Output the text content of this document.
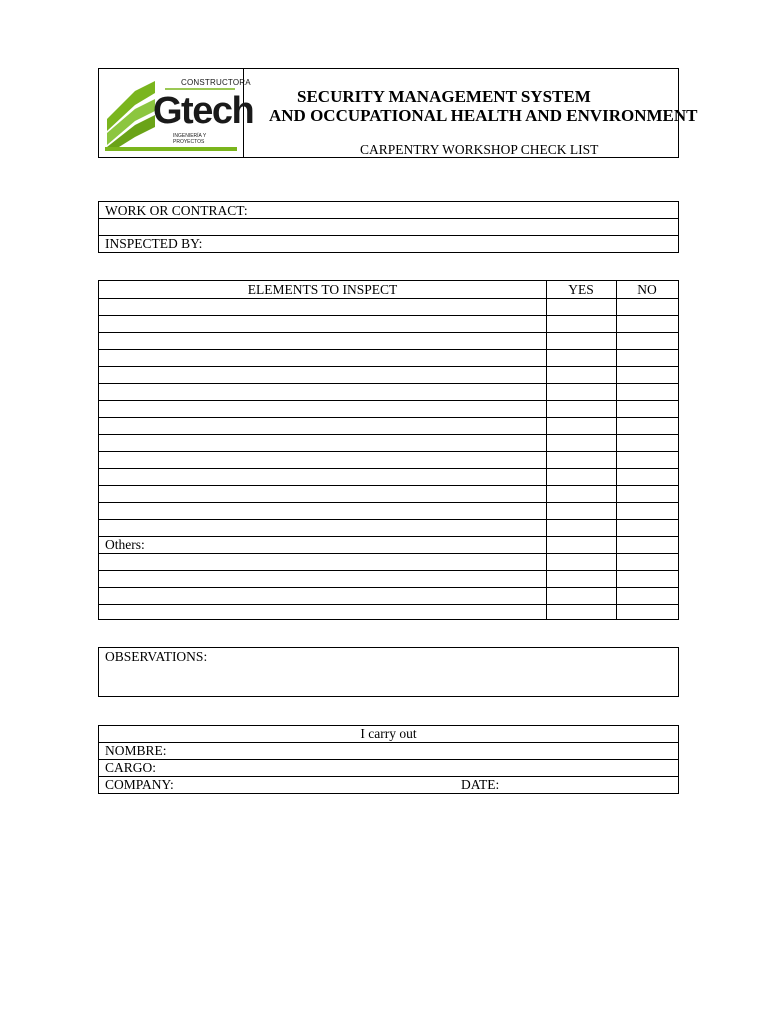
CONSTRUCTORA
Gtech
INGENIERÍA Y PROYECTOS
SECURITY MANAGEMENT SYSTEM
AND OCCUPATIONAL HEALTH AND ENVIRONMENT
CARPENTRY WORKSHOP CHECK LIST
WORK OR CONTRACT:
INSPECTED BY:
ELEMENTS TO INSPECT	YES	NO
Others:
OBSERVATIONS:
I carry out
NOMBRE:
CARGO:
COMPANY:	DATE:
